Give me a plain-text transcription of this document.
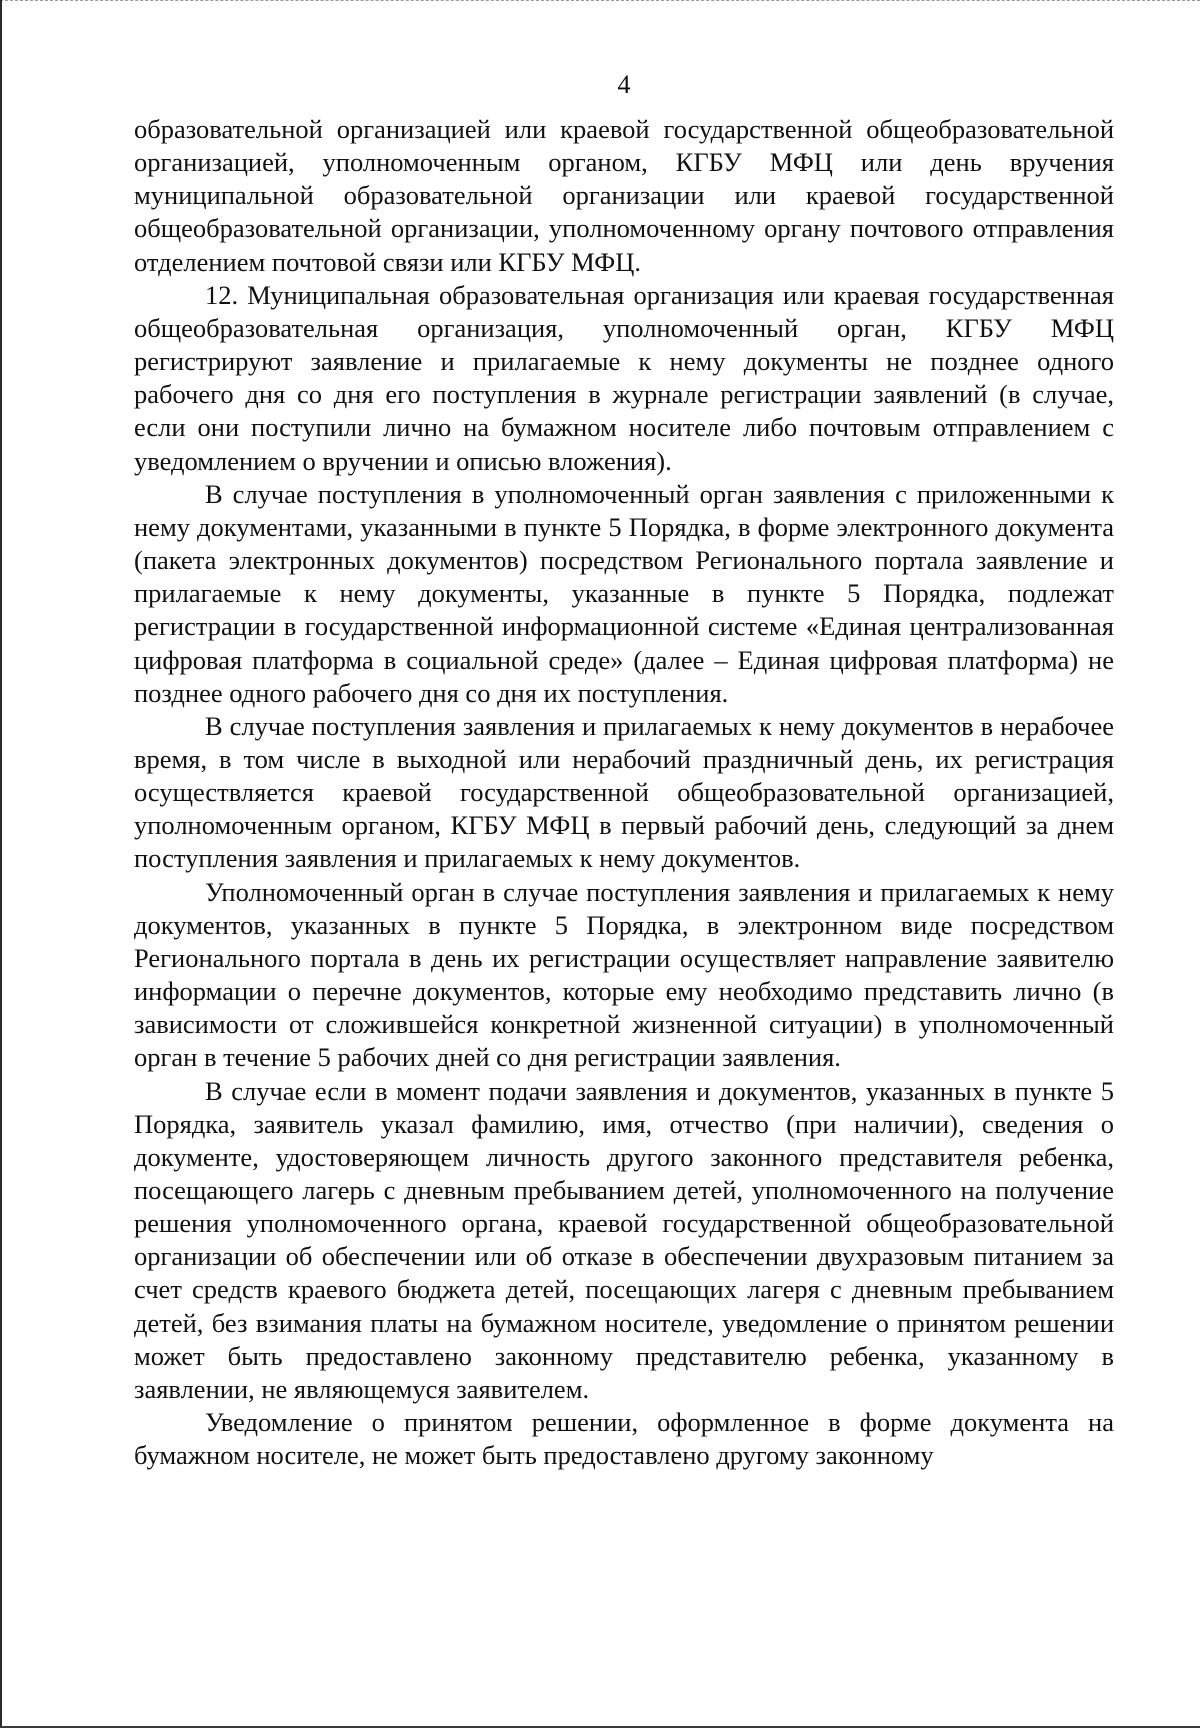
4

образовательной организацией или краевой государственной общеобразовательной организацией, уполномоченным органом, КГБУ МФЦ или день вручения муниципальной образовательной организации или краевой государственной общеобразовательной организации, уполномоченному органу почтового отправления отделением почтовой связи или КГБУ МФЦ.

12. Муниципальная образовательная организация или краевая государственная общеобразовательная организация, уполномоченный орган, КГБУ МФЦ регистрируют заявление и прилагаемые к нему документы не позднее одного рабочего дня со дня его поступления в журнале регистрации заявлений (в случае, если они поступили лично на бумажном носителе либо почтовым отправлением с уведомлением о вручении и описью вложения).

В случае поступления в уполномоченный орган заявления с приложенными к нему документами, указанными в пункте 5 Порядка, в форме электронного документа (пакета электронных документов) посредством Регионального портала заявление и прилагаемые к нему документы, указанные в пункте 5 Порядка, подлежат регистрации в государственной информационной системе «Единая централизованная цифровая платформа в социальной среде» (далее – Единая цифровая платформа) не позднее одного рабочего дня со дня их поступления.

В случае поступления заявления и прилагаемых к нему документов в нерабочее время, в том числе в выходной или нерабочий праздничный день, их регистрация осуществляется краевой государственной общеобразовательной организацией, уполномоченным органом, КГБУ МФЦ в первый рабочий день, следующий за днем поступления заявления и прилагаемых к нему документов.

Уполномоченный орган в случае поступления заявления и прилагаемых к нему документов, указанных в пункте 5 Порядка, в электронном виде посредством Регионального портала в день их регистрации осуществляет направление заявителю информации о перечне документов, которые ему необходимо представить лично (в зависимости от сложившейся конкретной жизненной ситуации) в уполномоченный орган в течение 5 рабочих дней со дня регистрации заявления.

В случае если в момент подачи заявления и документов, указанных в пункте 5 Порядка, заявитель указал фамилию, имя, отчество (при наличии), сведения о документе, удостоверяющем личность другого законного представителя ребенка, посещающего лагерь с дневным пребыванием детей, уполномоченного на получение решения уполномоченного органа, краевой государственной общеобразовательной организации об обеспечении или об отказе в обеспечении двухразовым питанием за счет средств краевого бюджета детей, посещающих лагеря с дневным пребыванием детей, без взимания платы на бумажном носителе, уведомление о принятом решении может быть предоставлено законному представителю ребенка, указанному в заявлении, не являющемуся заявителем.

Уведомление о принятом решении, оформленное в форме документа на бумажном носителе, не может быть предоставлено другому законному
